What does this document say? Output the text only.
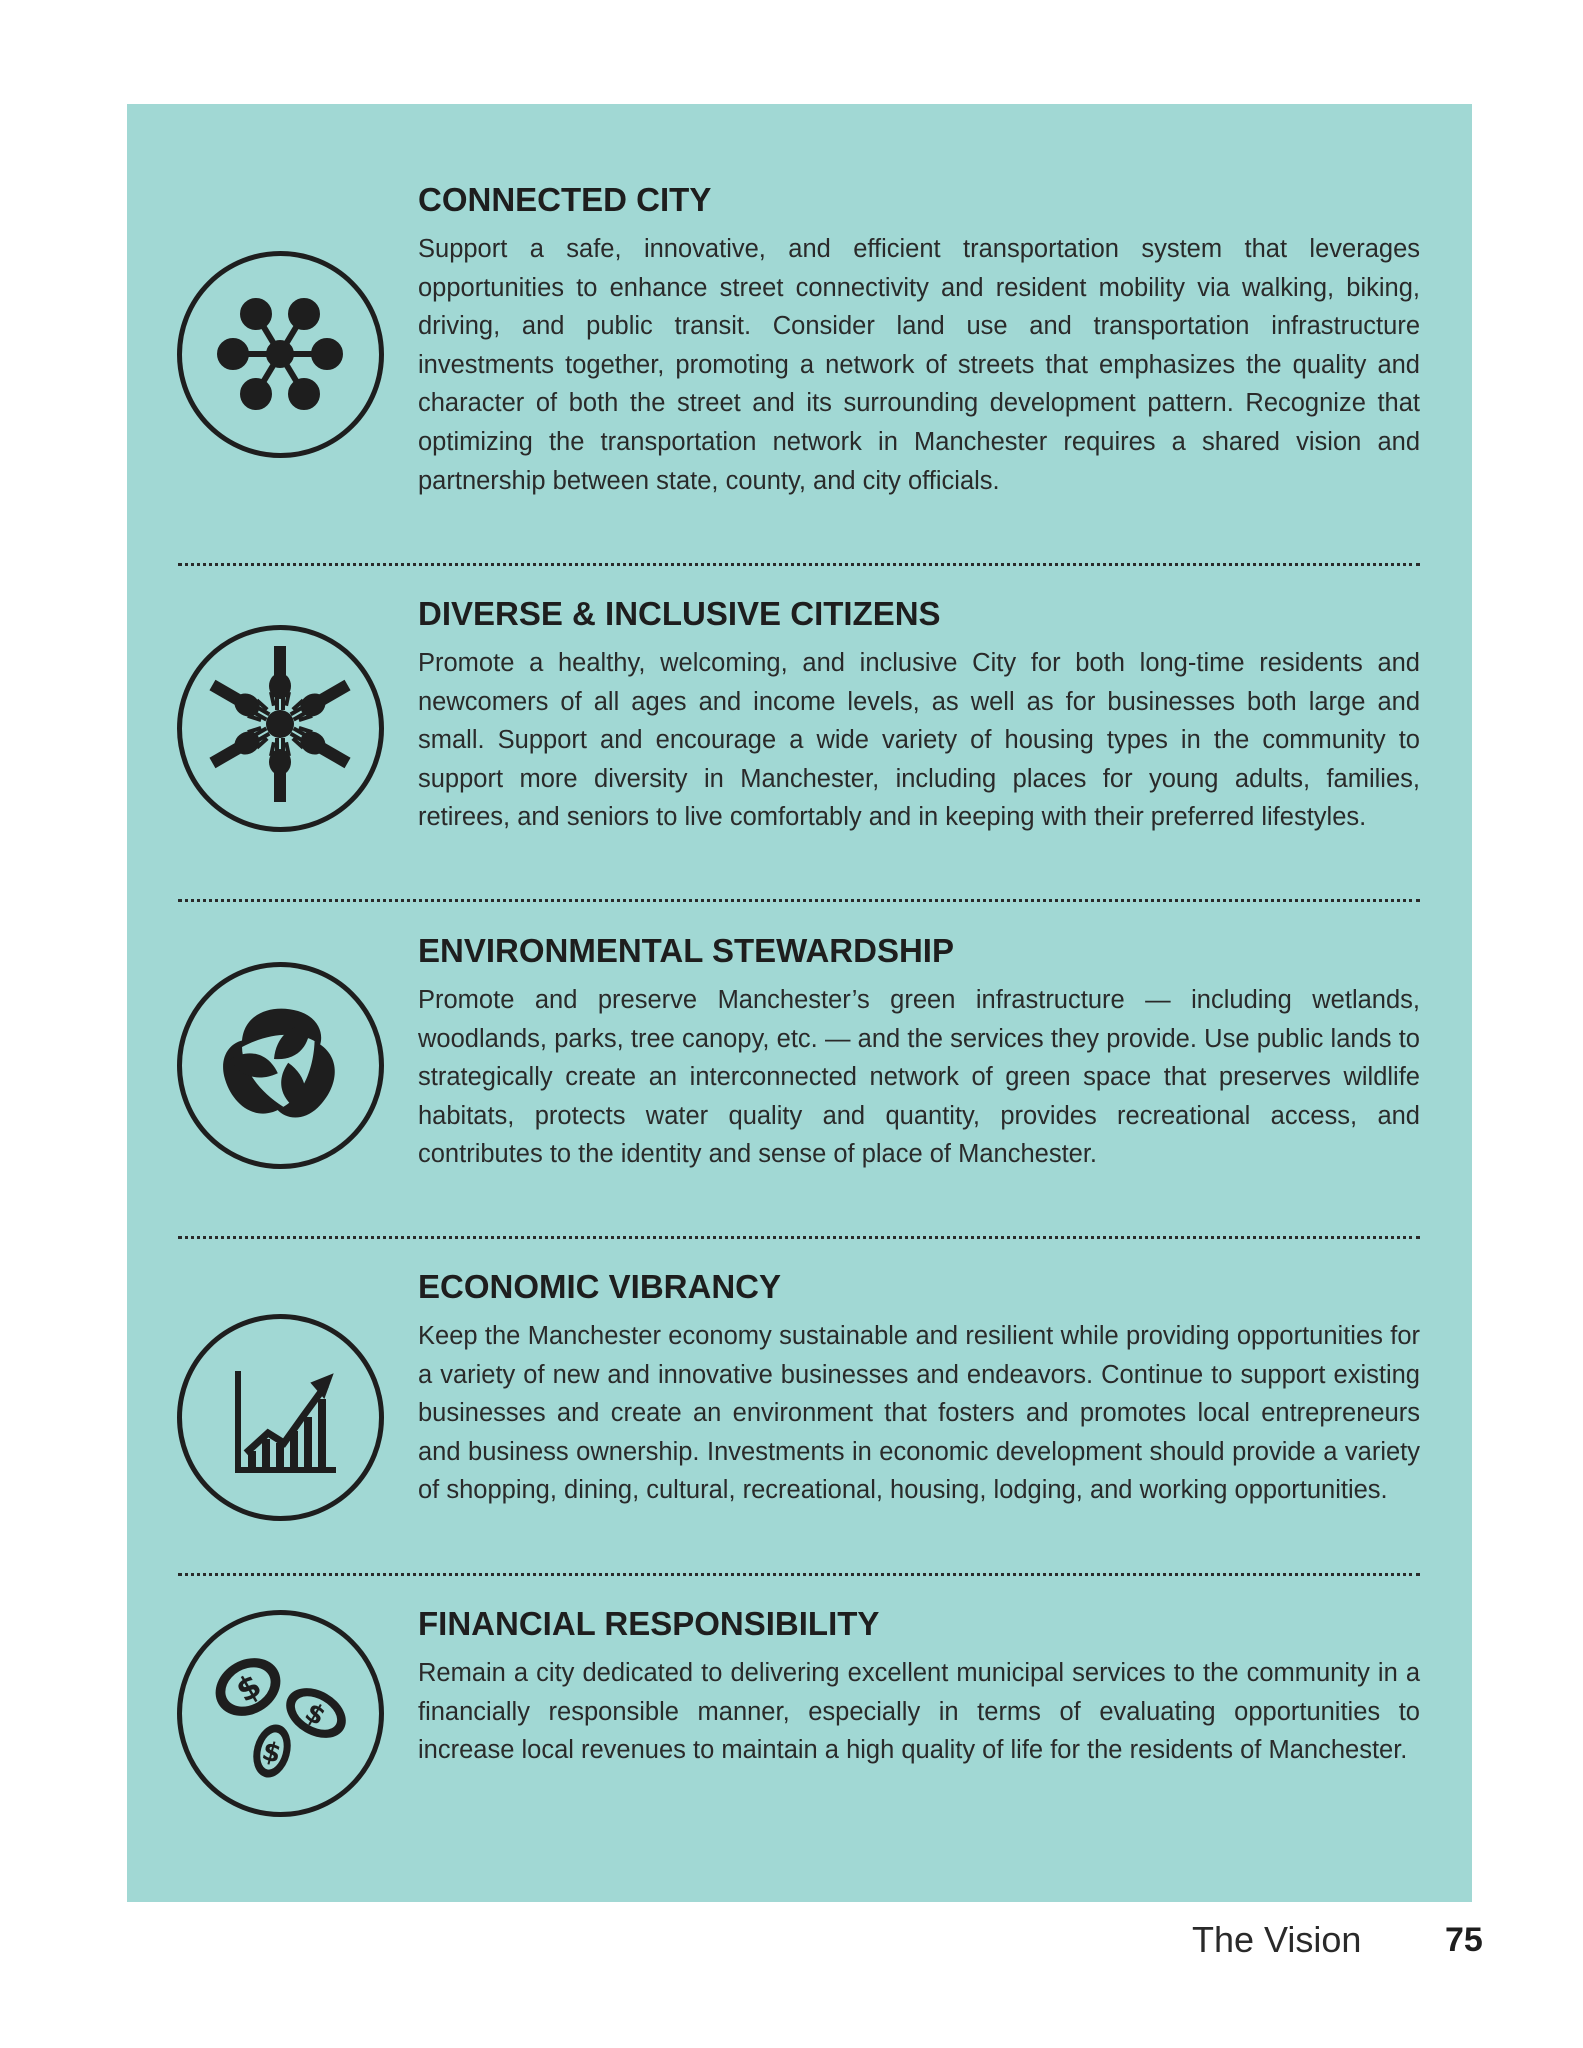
CONNECTED CITY

Support a safe, innovative, and efficient transportation system that leverages opportunities to enhance street connectivity and resident mobility via walking, biking, driving, and public transit. Consider land use and transportation infrastructure investments together, promoting a network of streets that emphasizes the quality and character of both the street and its surrounding development pattern. Recognize that optimizing the transportation network in Manchester requires a shared vision and partnership between state, county, and city officials.

DIVERSE & INCLUSIVE CITIZENS

Promote a healthy, welcoming, and inclusive City for both long-time residents and newcomers of all ages and income levels, as well as for businesses both large and small. Support and encourage a wide variety of housing types in the community to support more diversity in Manchester, including places for young adults, families, retirees, and seniors to live comfortably and in keeping with their preferred lifestyles.

ENVIRONMENTAL STEWARDSHIP

Promote and preserve Manchester’s green infrastructure — including wetlands, woodlands, parks, tree canopy, etc. — and the services they provide. Use public lands to strategically create an interconnected network of green space that preserves wildlife habitats, protects water quality and quantity, provides recreational access, and contributes to the identity and sense of place of Manchester.

ECONOMIC VIBRANCY

Keep the Manchester economy sustainable and resilient while providing opportunities for a variety of new and innovative businesses and endeavors. Continue to support existing businesses and create an environment that fosters and promotes local entrepreneurs and business ownership. Investments in economic development should provide a variety of shopping, dining, cultural, recreational, housing, lodging, and working opportunities.

$
$
$
FINANCIAL RESPONSIBILITY

Remain a city dedicated to delivering excellent municipal services to the community in a financially responsible manner, especially in terms of evaluating opportunities to increase local revenues to maintain a high quality of life for the residents of Manchester.

The Vision 75
